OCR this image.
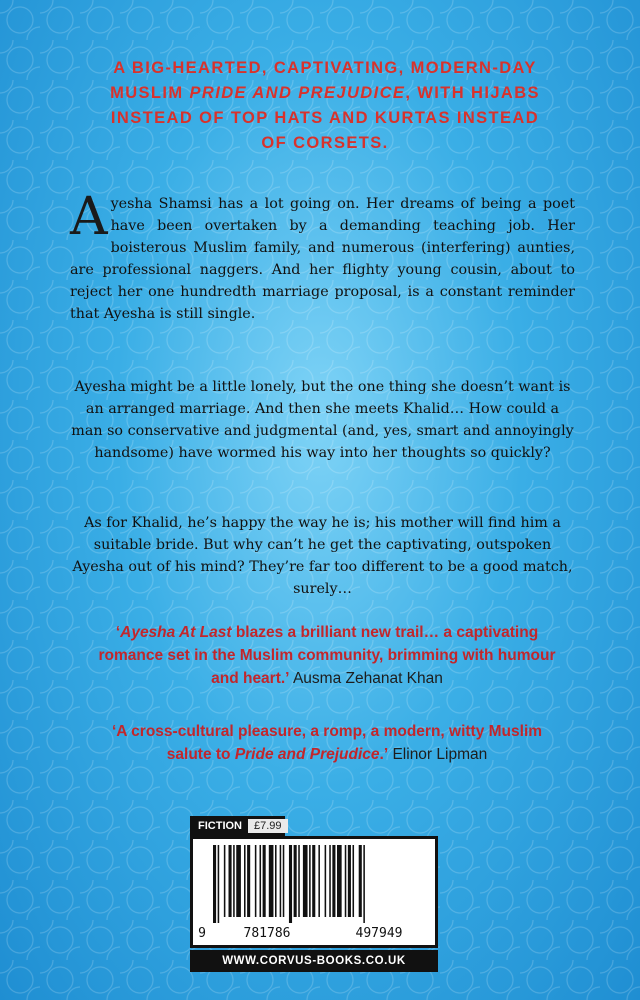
A BIG-HEARTED, CAPTIVATING, MODERN-DAY
MUSLIM PRIDE AND PREJUDICE, WITH HIJABS
INSTEAD OF TOP HATS AND KURTAS INSTEAD
OF CORSETS.

Ayesha Shamsi has a lot going on. Her dreams of being a poet have been overtaken by a demanding teaching job. Her boisterous Muslim family, and numerous (interfering) aunties, are professional naggers. And her flighty young cousin, about to reject her one hundredth marriage proposal, is a constant reminder that Ayesha is still single.

Ayesha might be a little lonely, but the one thing she doesn’t want is an arranged marriage. And then she meets Khalid… How could a man so conservative and judgmental (and, yes, smart and annoyingly handsome) have wormed his way into her thoughts so quickly?

As for Khalid, he’s happy the way he is; his mother will find him a suitable bride. But why can’t he get the captivating, outspoken Ayesha out of his mind? They’re far too different to be a good match, surely…

‘Ayesha At Last blazes a brilliant new trail… a captivating romance set in the Muslim community, brimming with humour and heart.’ Ausma Zehanat Khan

‘A cross-cultural pleasure, a romp, a modern, witty Muslim salute to Pride and Prejudice.’ Elinor Lipman

FICTION	£7.99
9	781786	497949
WWW.CORVUS-BOOKS.CO.UK
